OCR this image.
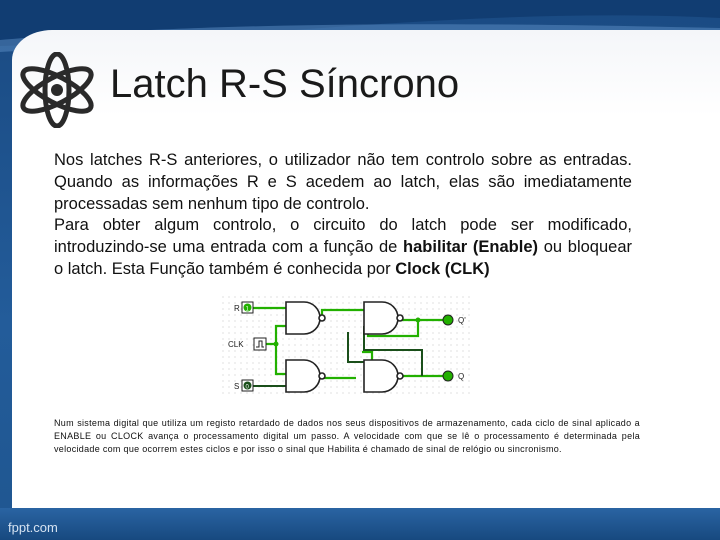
Latch R-S Síncrono

Nos latches R-S anteriores, o utilizador não tem controlo sobre as entradas. Quando as informações R e S acedem ao latch, elas são imediatamente processadas sem nenhum tipo de controlo.

Para obter algum controlo, o circuito do latch pode ser modificado, introduzindo-se uma entrada com a função de habilitar (Enable) ou bloquear o latch. Esta Função também é conhecida por Clock (CLK)

R 1
CLK
S 0
Q'
Q
Num sistema digital que utiliza um registo retardado de dados nos seus dispositivos de armazenamento, cada ciclo de sinal aplicado a ENABLE ou CLOCK avança o processamento digital um passo. A velocidade com que se lê o processamento é determinada pela velocidade com que ocorrem estes ciclos e por isso o sinal que Habilita é chamado de sinal de relógio ou sincronismo.
fppt.com
